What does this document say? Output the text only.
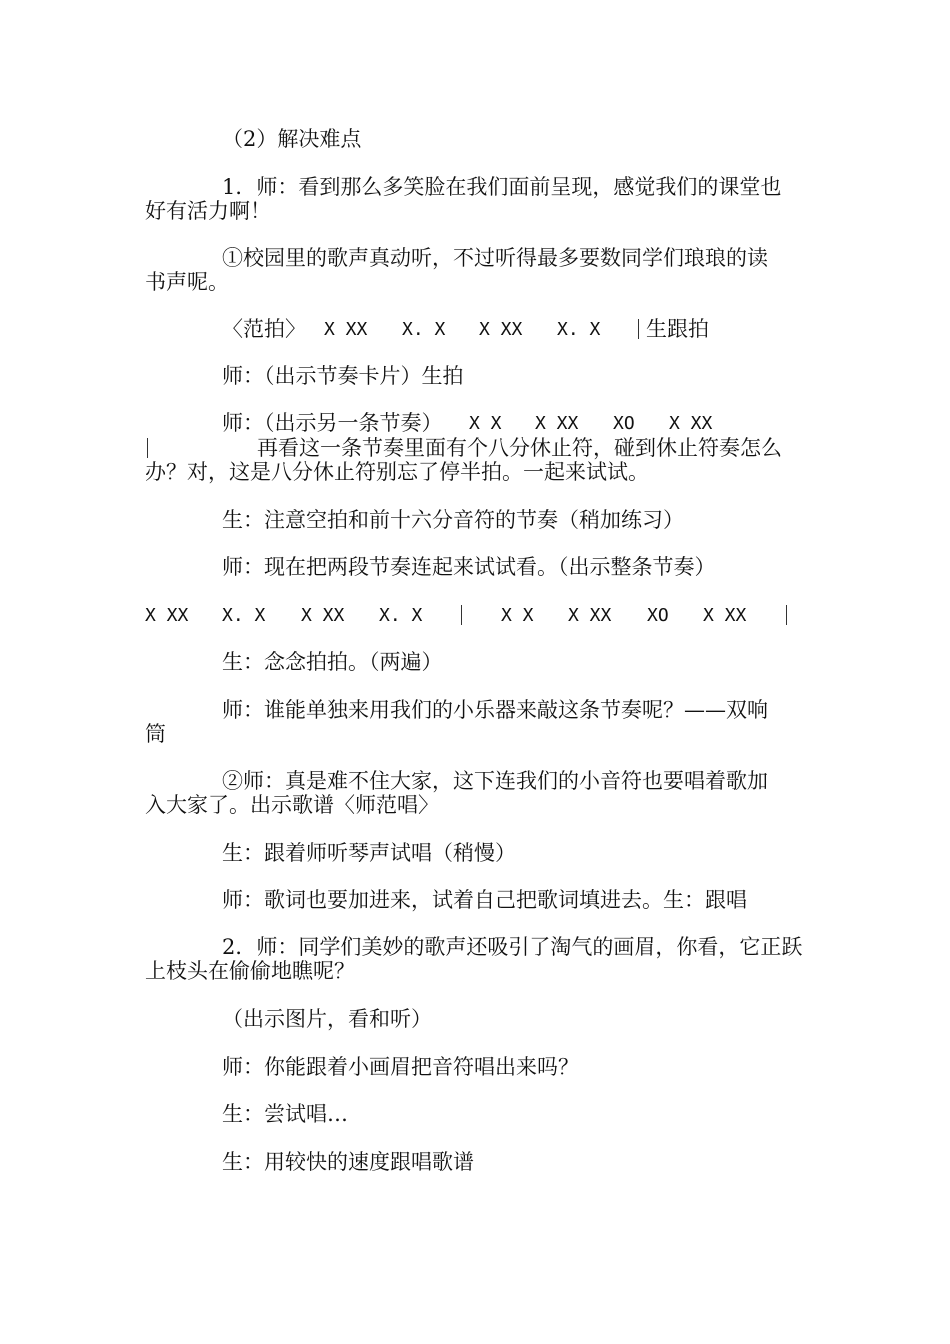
（2）解决难点
1．师：看到那么多笑脸在我们面前呈现，感觉我们的课堂也
好有活力啊！
①校园里的歌声真动听，不过听得最多要数同学们琅琅的读
书声呢。
〈范拍〉 X XX X. X X XX X. X 生跟拍
师：（出示节奏卡片）生拍
师：（出示另一条节奏） X X X XX XO X XX
再看这一条节奏里面有个八分休止符，碰到休止符奏怎么
办？对，这是八分休止符别忘了停半拍。一起来试试。
生：注意空拍和前十六分音符的节奏（稍加练习）
师：现在把两段节奏连起来试试看。（出示整条节奏）
X XX X. X X XX X. X	X X X XX XO X XX
生：念念拍拍。（两遍）
师：谁能单独来用我们的小乐器来敲这条节奏呢？——双响
筒
②师：真是难不住大家，这下连我们的小音符也要唱着歌加
入大家了。出示歌谱〈师范唱〉
生：跟着师听琴声试唱（稍慢）
师：歌词也要加进来，试着自己把歌词填进去。生：跟唱
2．师：同学们美妙的歌声还吸引了淘气的画眉，你看，它正跃
上枝头在偷偷地瞧呢？
（出示图片，看和听）
师：你能跟着小画眉把音符唱出来吗？
生：尝试唱…
生：用较快的速度跟唱歌谱
